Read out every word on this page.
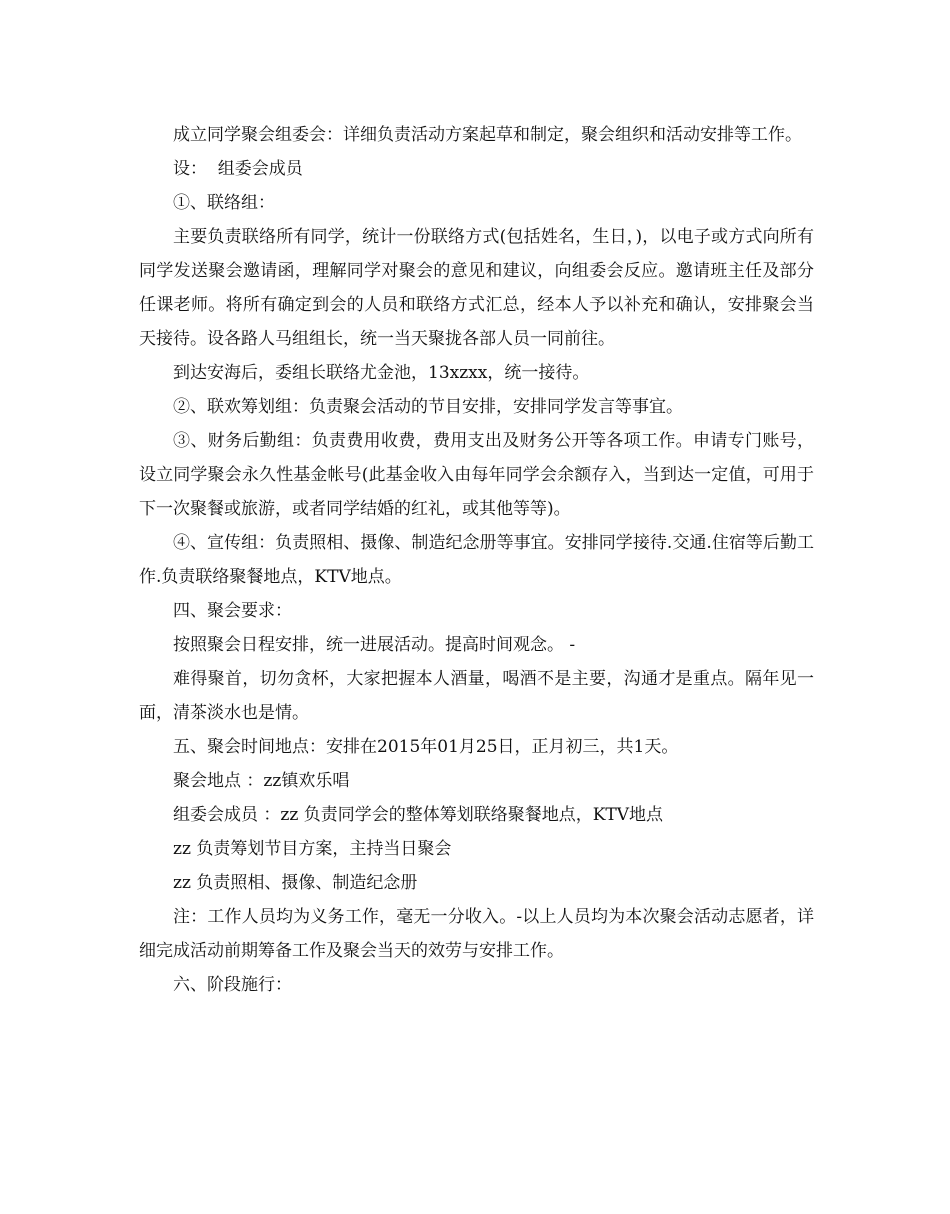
成立同学聚会组委会：详细负责活动方案起草和制定，聚会组织和活动安排等工作。

设：  组委会成员

①、联络组：

主要负责联络所有同学，统计一份联络方式(包括姓名，生日，)，以电子或方式向所有同学发送聚会邀请函，理解同学对聚会的意见和建议，向组委会反应。邀请班主任及部分任课老师。将所有确定到会的人员和联络方式汇总，经本人予以补充和确认，安排聚会当天接待。设各路人马组组长，统一当天聚拢各部人员一同前往。

到达安海后，委组长联络尤金池，13xzxx，统一接待。

②、联欢筹划组：负责聚会活动的节目安排，安排同学发言等事宜。

③、财务后勤组：负责费用收费，费用支出及财务公开等各项工作。申请专门账号，设立同学聚会永久性基金帐号(此基金收入由每年同学会余额存入，当到达一定值，可用于下一次聚餐或旅游，或者同学结婚的红礼，或其他等等)。

④、宣传组：负责照相、摄像、制造纪念册等事宜。安排同学接待.交通.住宿等后勤工作.负责联络聚餐地点，KTV地点。

四、聚会要求：

按照聚会日程安排，统一进展活动。提高时间观念。 -

难得聚首，切勿贪杯，大家把握本人酒量，喝酒不是主要，沟通才是重点。隔年见一面，清茶淡水也是情。

五、聚会时间地点：安排在2015年01月25日，正月初三，共1天。

聚会地点 ：zz镇欢乐唱

组委会成员 ：zz 负责同学会的整体筹划联络聚餐地点，KTV地点

zz 负责筹划节目方案，主持当日聚会

zz 负责照相、摄像、制造纪念册

注：工作人员均为义务工作，毫无一分收入。-以上人员均为本次聚会活动志愿者，详细完成活动前期筹备工作及聚会当天的效劳与安排工作。

六、阶段施行：
